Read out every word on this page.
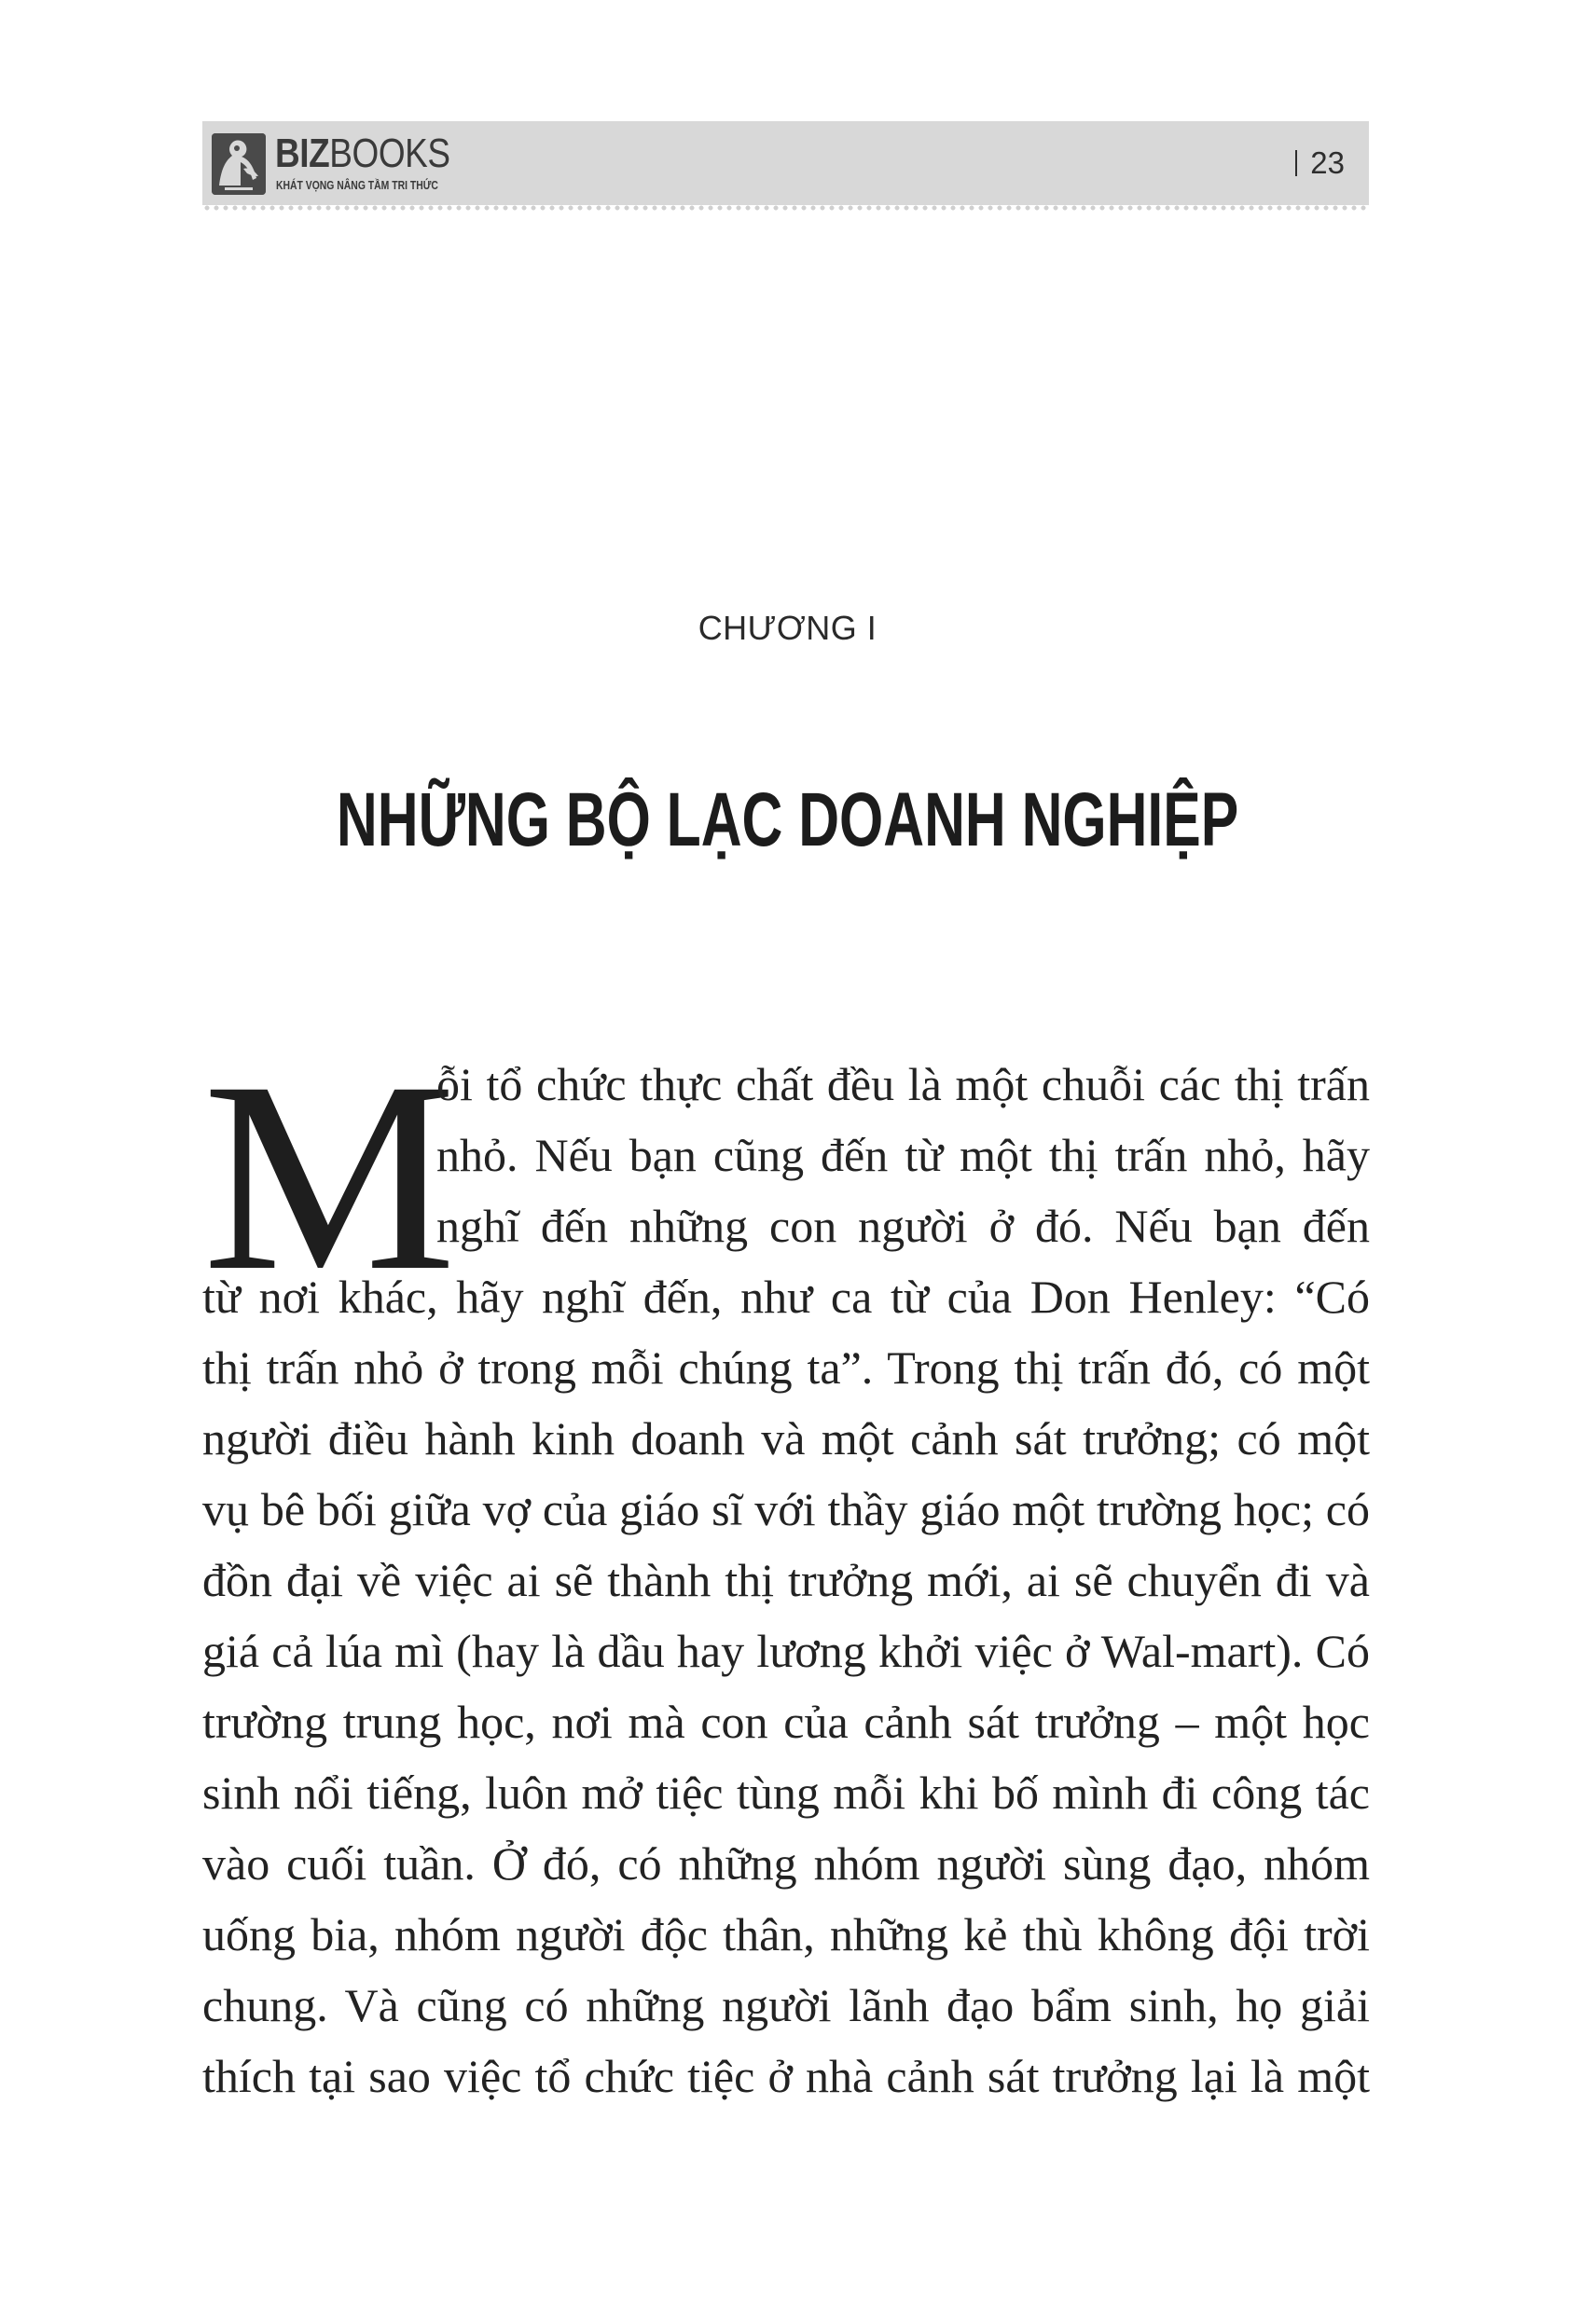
BIZBOOKS
KHÁT VỌNG NÂNG TẦM TRI THỨC
23
CHƯƠNG I
NHỮNG BỘ LẠC DOANH NGHIỆP
M
ỗi tổ chức thực chất đều là một chuỗi các thị trấn
nhỏ. Nếu bạn cũng đến từ một thị trấn nhỏ, hãy
nghĩ đến những con người ở đó. Nếu bạn đến
từ nơi khác, hãy nghĩ đến, như ca từ của Don Henley: “Có
thị trấn nhỏ ở trong mỗi chúng ta”. Trong thị trấn đó, có một
người điều hành kinh doanh và một cảnh sát trưởng; có một
vụ bê bối giữa vợ của giáo sĩ với thầy giáo một trường học; có
đồn đại về việc ai sẽ thành thị trưởng mới, ai sẽ chuyển đi và
giá cả lúa mì (hay là dầu hay lương khởi việc ở Wal-mart). Có
trường trung học, nơi mà con của cảnh sát trưởng – một học
sinh nổi tiếng, luôn mở tiệc tùng mỗi khi bố mình đi công tác
vào cuối tuần. Ở đó, có những nhóm người sùng đạo, nhóm
uống bia, nhóm người độc thân, những kẻ thù không đội trời
chung. Và cũng có những người lãnh đạo bẩm sinh, họ giải
thích tại sao việc tổ chức tiệc ở nhà cảnh sát trưởng lại là một
